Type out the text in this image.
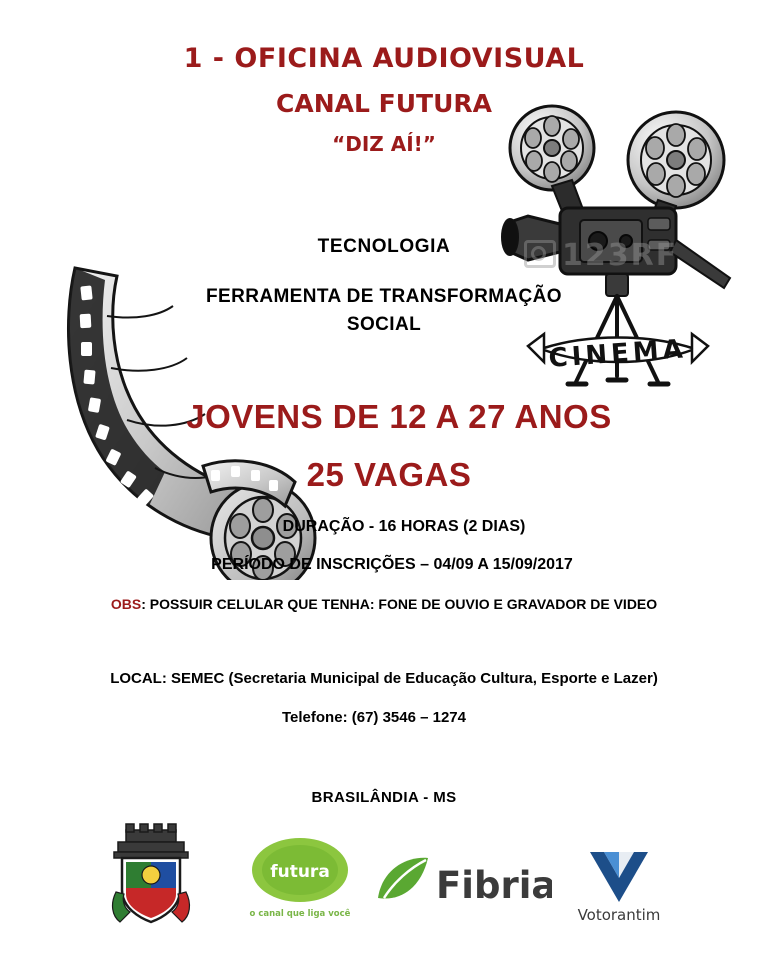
123RF
CINEMA
1 - OFICINA AUDIOVISUAL
CANAL FUTURA
“DIZ AÍ!”
TECNOLOGIA
FERRAMENTA DE TRANSFORMAÇÃO
SOCIAL
JOVENS DE 12 A 27 ANOS
25 VAGAS
DURAÇÃO - 16 HORAS (2 DIAS)
PERÍODO DE INSCRIÇÕES – 04/09 A 15/09/2017
OBS: POSSUIR CELULAR QUE TENHA: FONE DE OUVIO E GRAVADOR DE VIDEO
LOCAL: SEMEC (Secretaria Municipal de Educação Cultura, Esporte e Lazer)
Telefone: (67) 3546 – 1274
BRASILÂNDIA - MS
futura
o canal que liga você
Fibria
Votorantim
